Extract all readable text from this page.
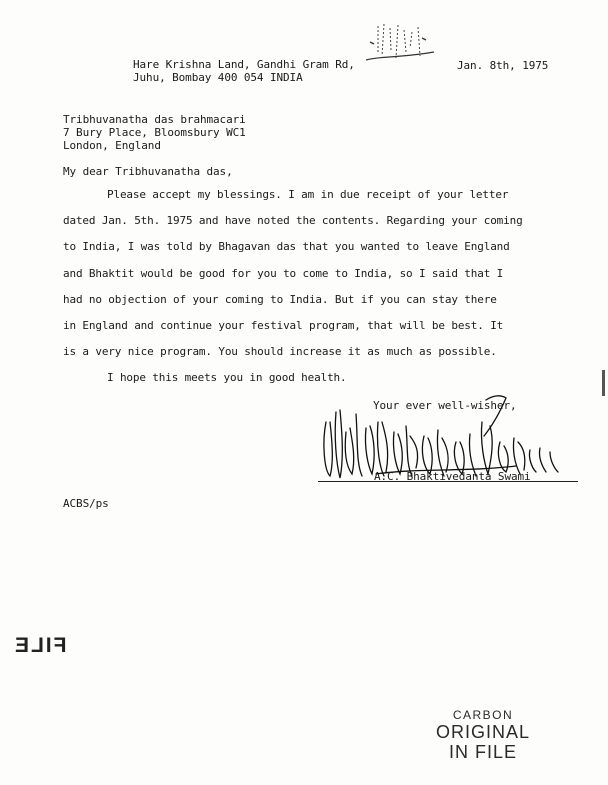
Hare Krishna Land, Gandhi Gram Rd,
Juhu, Bombay 400 054 INDIA
Jan. 8th, 1975
Tribhuvanatha das brahmacari
7 Bury Place, Bloomsbury WC1
London, England
My dear Tribhuvanatha das,
Please accept my blessings. I am in due receipt of your letter
dated Jan. 5th. 1975 and have noted the contents. Regarding your coming
to India, I was told by Bhagavan das that you wanted to leave England
and Bhaktit would be good for you to come to India, so I said that I
had no objection of your coming to India. But if you can stay there
in England and continue your festival program, that will be best. It
is a very nice program. You should increase it as much as possible.
I hope this meets you in good health.
Your ever well-wisher,
A.C. Bhaktivedanta Swami
ACBS/ps
FILE
CARBON
ORIGINAL
IN FILE
